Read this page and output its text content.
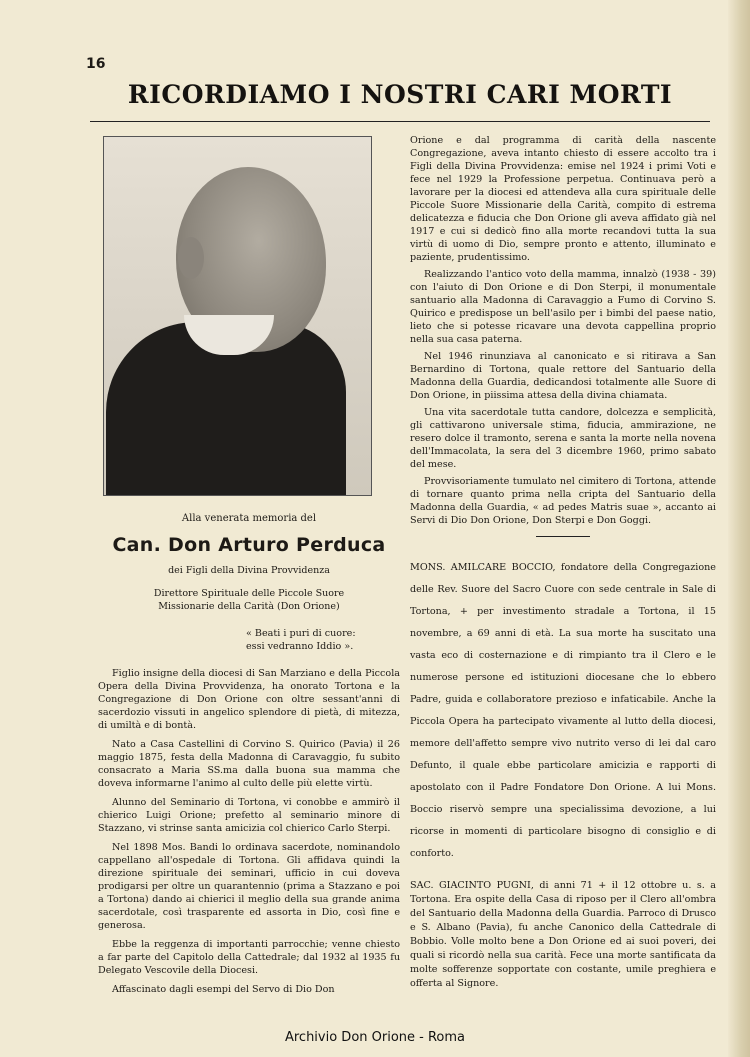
16
RICORDIAMO I NOSTRI CARI MORTI

Alla venerata memoria del

Can. Don Arturo Perduca

dei Figli della Divina Provvidenza

Direttore Spirituale delle Piccole Suore

Missionarie della Carità (Don Orione)

« Beati i puri di cuore:

essi vedranno Iddio ».

Figlio insigne della diocesi di San Marziano e della Piccola Opera della Divina Provvidenza, ha onorato Tortona e la Congregazione di Don Orione con oltre sessant'anni di sacerdozio vissuti in angelico splendore di pietà, di mitezza, di umiltà e di bontà.

Nato a Casa Castellini di Corvino S. Quirico (Pavia) il 26 maggio 1875, festa della Madonna di Caravaggio, fu subito consacrato a Maria SS.ma dalla buona sua mamma che doveva informarne l'animo al culto delle più elette virtù.

Alunno del Seminario di Tortona, vi conobbe e ammirò il chierico Luigi Orione; prefetto al seminario minore di Stazzano, vi strinse santa amicizia col chierico Carlo Sterpi.

Nel 1898 Mos. Bandi lo ordinava sacerdote, nominandolo cappellano all'ospedale di Tortona. Gli affidava quindi la direzione spirituale dei seminari, ufficio in cui doveva prodigarsi per oltre un quarantennio (prima a Stazzano e poi a Tortona) dando ai chierici il meglio della sua grande anima sacerdotale, così trasparente ed assorta in Dio, così fine e generosa.

Ebbe la reggenza di importanti parrocchie; venne chiesto a far parte del Capitolo della Cattedrale; dal 1932 al 1935 fu Delegato Vescovile della Diocesi.

Affascinato dagli esempi del Servo di Dio Don

Orione e dal programma di carità della nascente Congregazione, aveva intanto chiesto di essere accolto tra i Figli della Divina Provvidenza: emise nel 1924 i primi Voti e fece nel 1929 la Professione perpetua. Continuava però a lavorare per la diocesi ed attendeva alla cura spirituale delle Piccole Suore Missionarie della Carità, compito di estrema delicatezza e fiducia che Don Orione gli aveva affidato già nel 1917 e cui si dedicò fino alla morte recandovi tutta la sua virtù di uomo di Dio, sempre pronto e attento, illuminato e paziente, prudentissimo.

Realizzando l'antico voto della mamma, innalzò (1938 - 39) con l'aiuto di Don Orione e di Don Sterpi, il monumentale santuario alla Madonna di Caravaggio a Fumo di Corvino S. Quirico e predispose un bell'asilo per i bimbi del paese natio, lieto che si potesse ricavare una devota cappellina proprio nella sua casa paterna.

Nel 1946 rinunziava al canonicato e si ritirava a San Bernardino di Tortona, quale rettore del Santuario della Madonna della Guardia, dedicandosi totalmente alle Suore di Don Orione, in piissima attesa della divina chiamata.

Una vita sacerdotale tutta candore, dolcezza e semplicità, gli cattivarono universale stima, fiducia, ammirazione, ne resero dolce il tramonto, serena e santa la morte nella novena dell'Immacolata, la sera del 3 dicembre 1960, primo sabato del mese.

Provvisoriamente tumulato nel cimitero di Tortona, attende di tornare quanto prima nella cripta del Santuario della Madonna della Guardia, « ad pedes Matris suae », accanto ai Servi di Dio Don Orione, Don Sterpi e Don Goggi.

MONS. AMILCARE BOCCIO, fondatore della Congregazione delle Rev. Suore del Sacro Cuore con sede centrale in Sale di Tortona, + per investimento stradale a Tortona, il 15 novembre, a 69 anni di età. La sua morte ha suscitato una vasta eco di costernazione e di rimpianto tra il Clero e le numerose persone ed istituzioni diocesane che lo ebbero Padre, guida e collaboratore prezioso e infaticabile. Anche la Piccola Opera ha partecipato vivamente al lutto della diocesi, memore dell'affetto sempre vivo nutrito verso di lei dal caro Defunto, il quale ebbe particolare amicizia e rapporti di apostolato con il Padre Fondatore Don Orione. A lui Mons. Boccio riservò sempre una specialissima devozione, a lui ricorse in momenti di particolare bisogno di consiglio e di conforto.

SAC. GIACINTO PUGNI, di anni 71 + il 12 ottobre u. s. a Tortona. Era ospite della Casa di riposo per il Clero all'ombra del Santuario della Madonna della Guardia. Parroco di Drusco e S. Albano (Pavia), fu anche Canonico della Cattedrale di Bobbio. Volle molto bene a Don Orione ed ai suoi poveri, dei quali si ricordò nella sua carità. Fece una morte santificata da molte sofferenze sopportate con costante, umile preghiera e offerta al Signore.

Archivio Don Orione - Roma
